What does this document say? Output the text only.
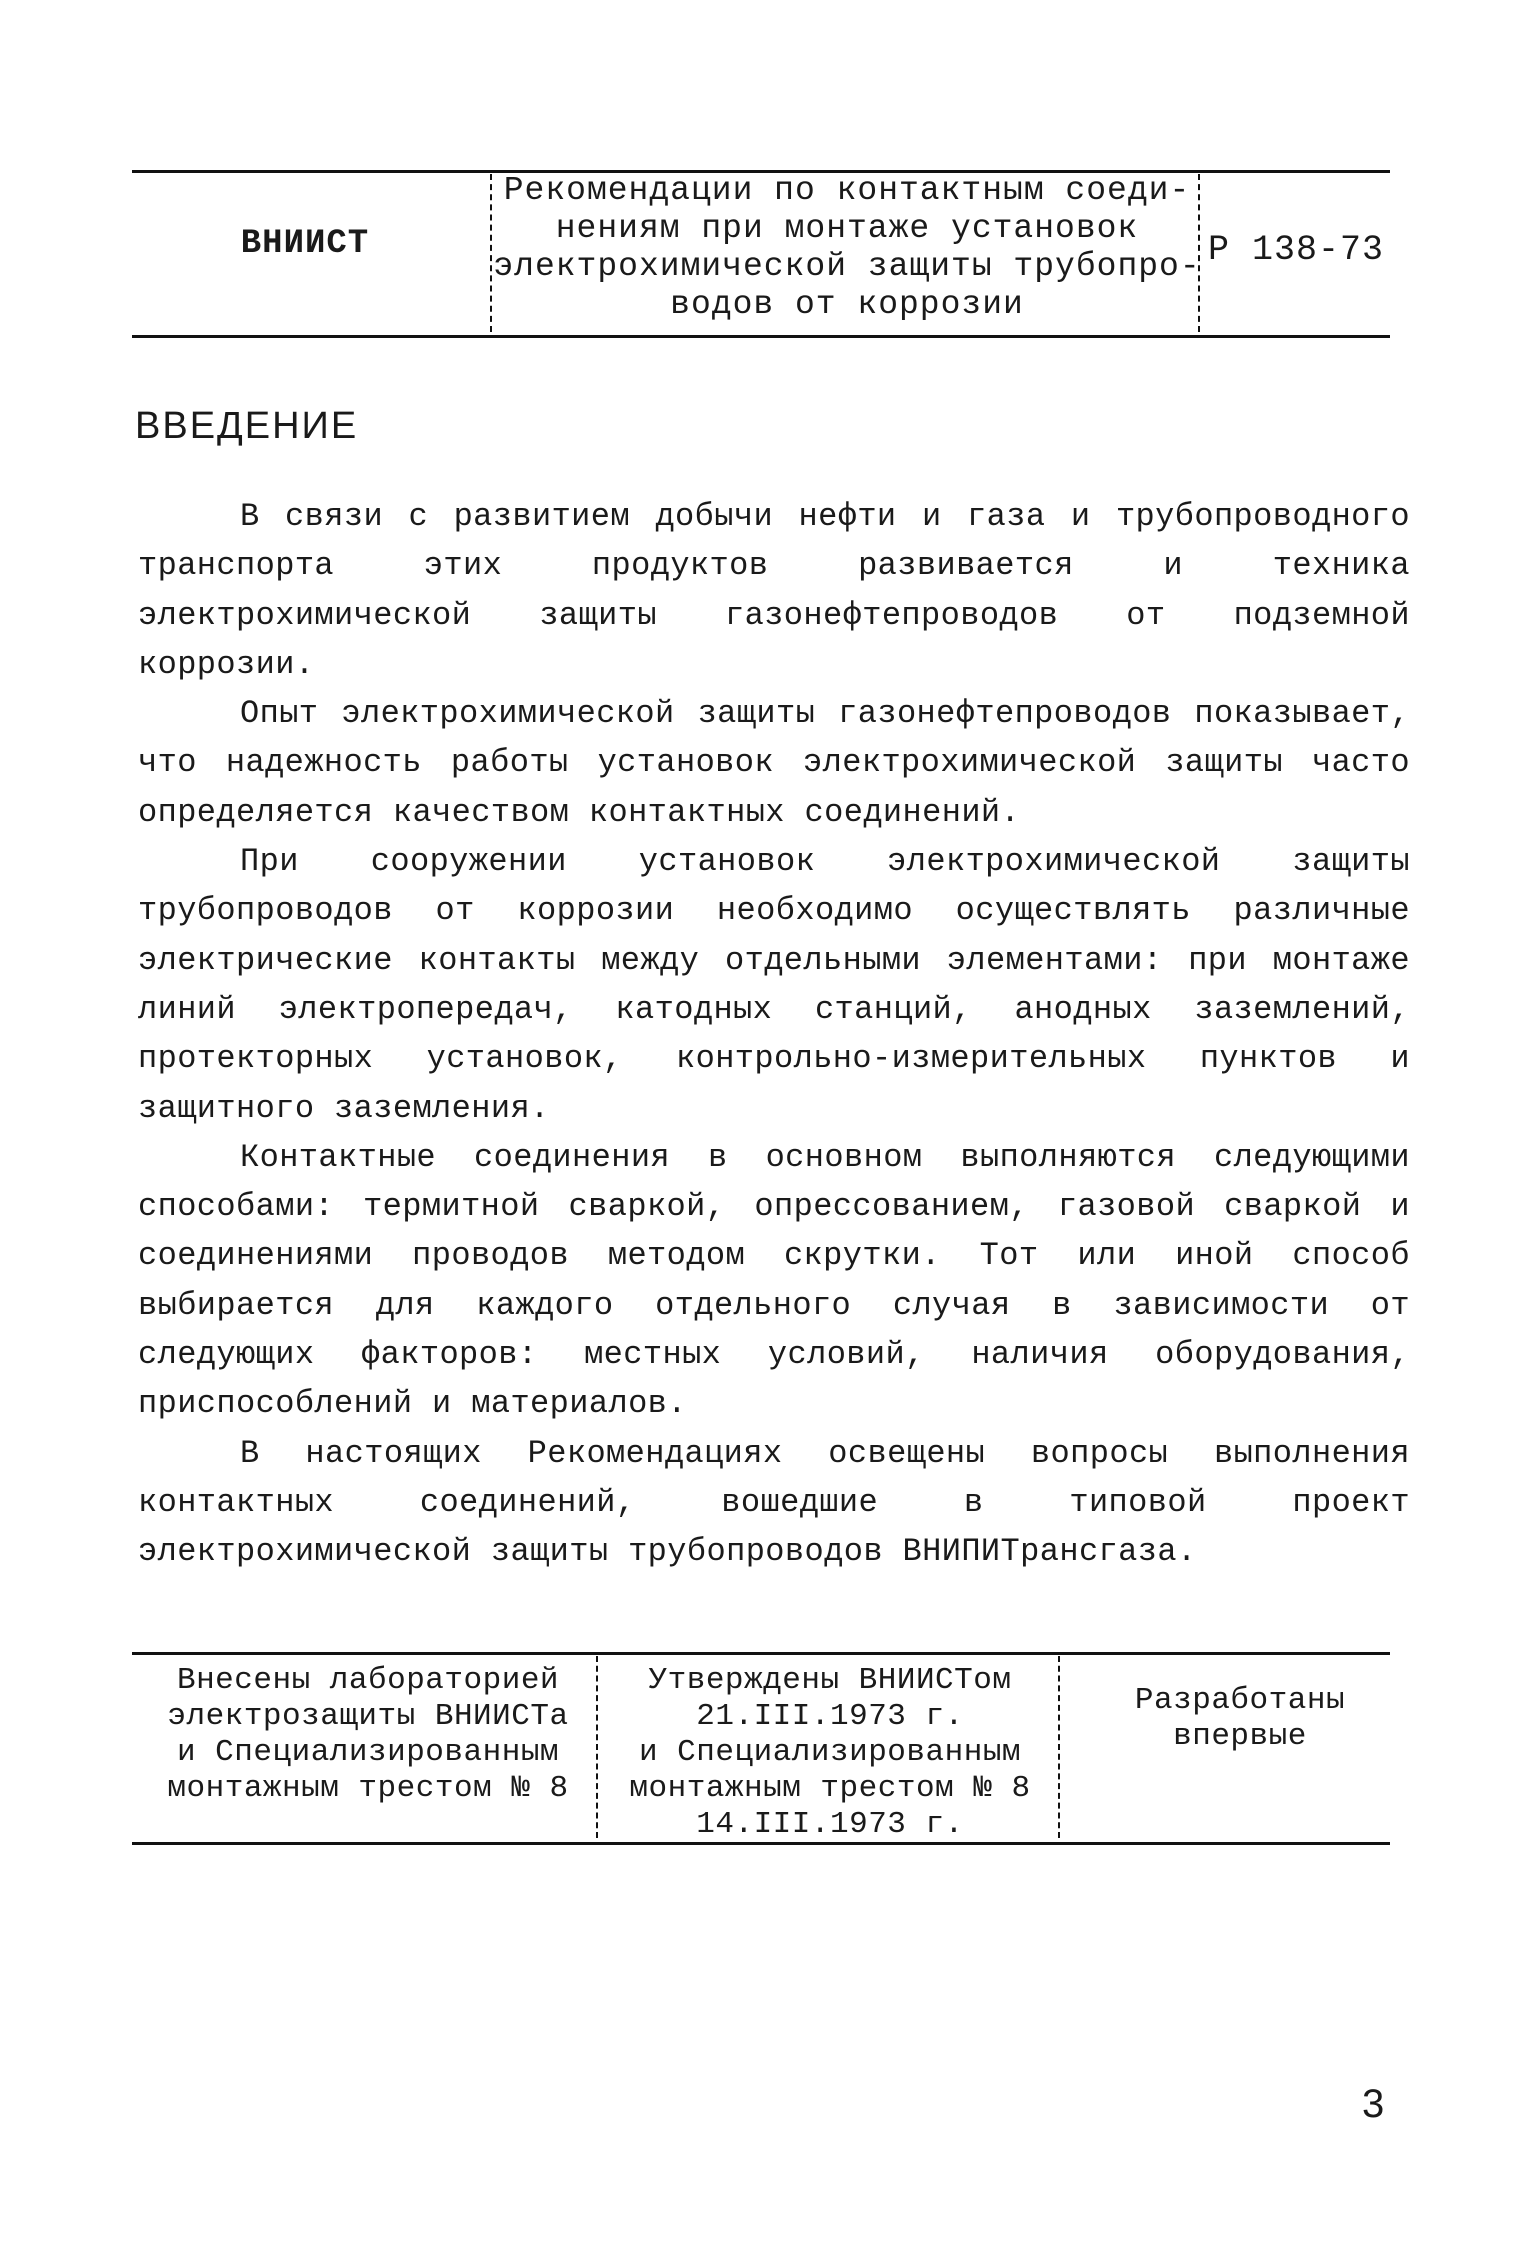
ВНИИСТ
Рекомендации по контактным соеди-
нениям при монтаже установок
электрохимической защиты трубопро-
водов от коррозии
Р 138-73
ВВЕДЕНИЕ

В связи с развитием добычи нефти и газа и трубопроводного транспорта этих продуктов развивается и техника электрохимической защиты газонефтепроводов от подземной коррозии.

Опыт электрохимической защиты газонефтепроводов показывает, что надежность работы установок электрохимической защиты часто определяется качеством контактных соединений.

При сооружении установок электрохимической защиты трубопроводов от коррозии необходимо осуществлять различные электрические контакты между отдельными элементами: при монтаже линий электропередач, катодных станций, анодных заземлений, протекторных установок, контрольно-измерительных пунктов и защитного заземления.

Контактные соединения в основном выполняются следующими способами: термитной сваркой, опрессованием, газовой сваркой и соединениями проводов методом скрутки. Тот или иной способ выбирается для каждого отдельного случая в зависимости от следующих факторов: местных условий, наличия оборудования, приспособлений и материалов.

В настоящих Рекомендациях освещены вопросы выполнения контактных соединений, вошедшие в типовой проект электрохимической защиты трубопроводов ВНИПИТрансгаза.

Внесены лабораторией
электрозащиты ВНИИСТа
и Специализированным
монтажным трестом № 8
Утверждены ВНИИСТом
21.III.1973 г.
и Специализированным
монтажным трестом № 8
14.III.1973 г.
Разработаны
впервые
3
